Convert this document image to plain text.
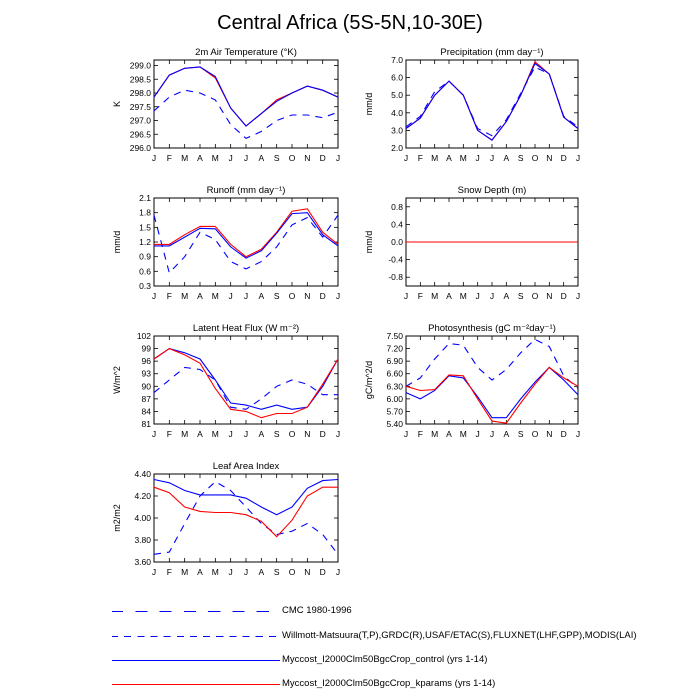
Central Africa (5S-5N,10-30E)
2m Air Temperature (°K)
K
296.0
296.5
297.0
297.5
298.0
298.5
299.0
J F M A M J J A S O N D J
Precipitation (mm day⁻¹)
mm/d
2.0
3.0
4.0
5.0
6.0
7.0
J F M A M J J A S O N D J
Runoff (mm day⁻¹)
mm/d
0.3
0.6
0.9
1.2
1.5
1.8
2.1
J F M A M J J A S O N D J
Snow Depth (m)
mm/d
-0.8
-0.4
0.0
0.4
0.8
J F M A M J J A S O N D J
Latent Heat Flux (W m⁻²)
W/m^2
81
84
87
90
93
96
99
102
J F M A M J J A S O N D J
Photosynthesis (gC m⁻²day⁻¹)
gC/m^2/d
5.40
5.70
6.00
6.30
6.60
6.90
7.20
7.50
J F M A M J J A S O N D J
Leaf Area Index
m2/m2
3.60
3.80
4.00
4.20
4.40
J F M A M J J A S O N D J
CMC 1980-1996
Willmott-Matsuura(T,P),GRDC(R),USAF/ETAC(S),FLUXNET(LHF,GPP),MODIS(LAI)
Myccost_I2000Clm50BgcCrop_control (yrs 1-14)
Myccost_I2000Clm50BgcCrop_kparams (yrs 1-14)
